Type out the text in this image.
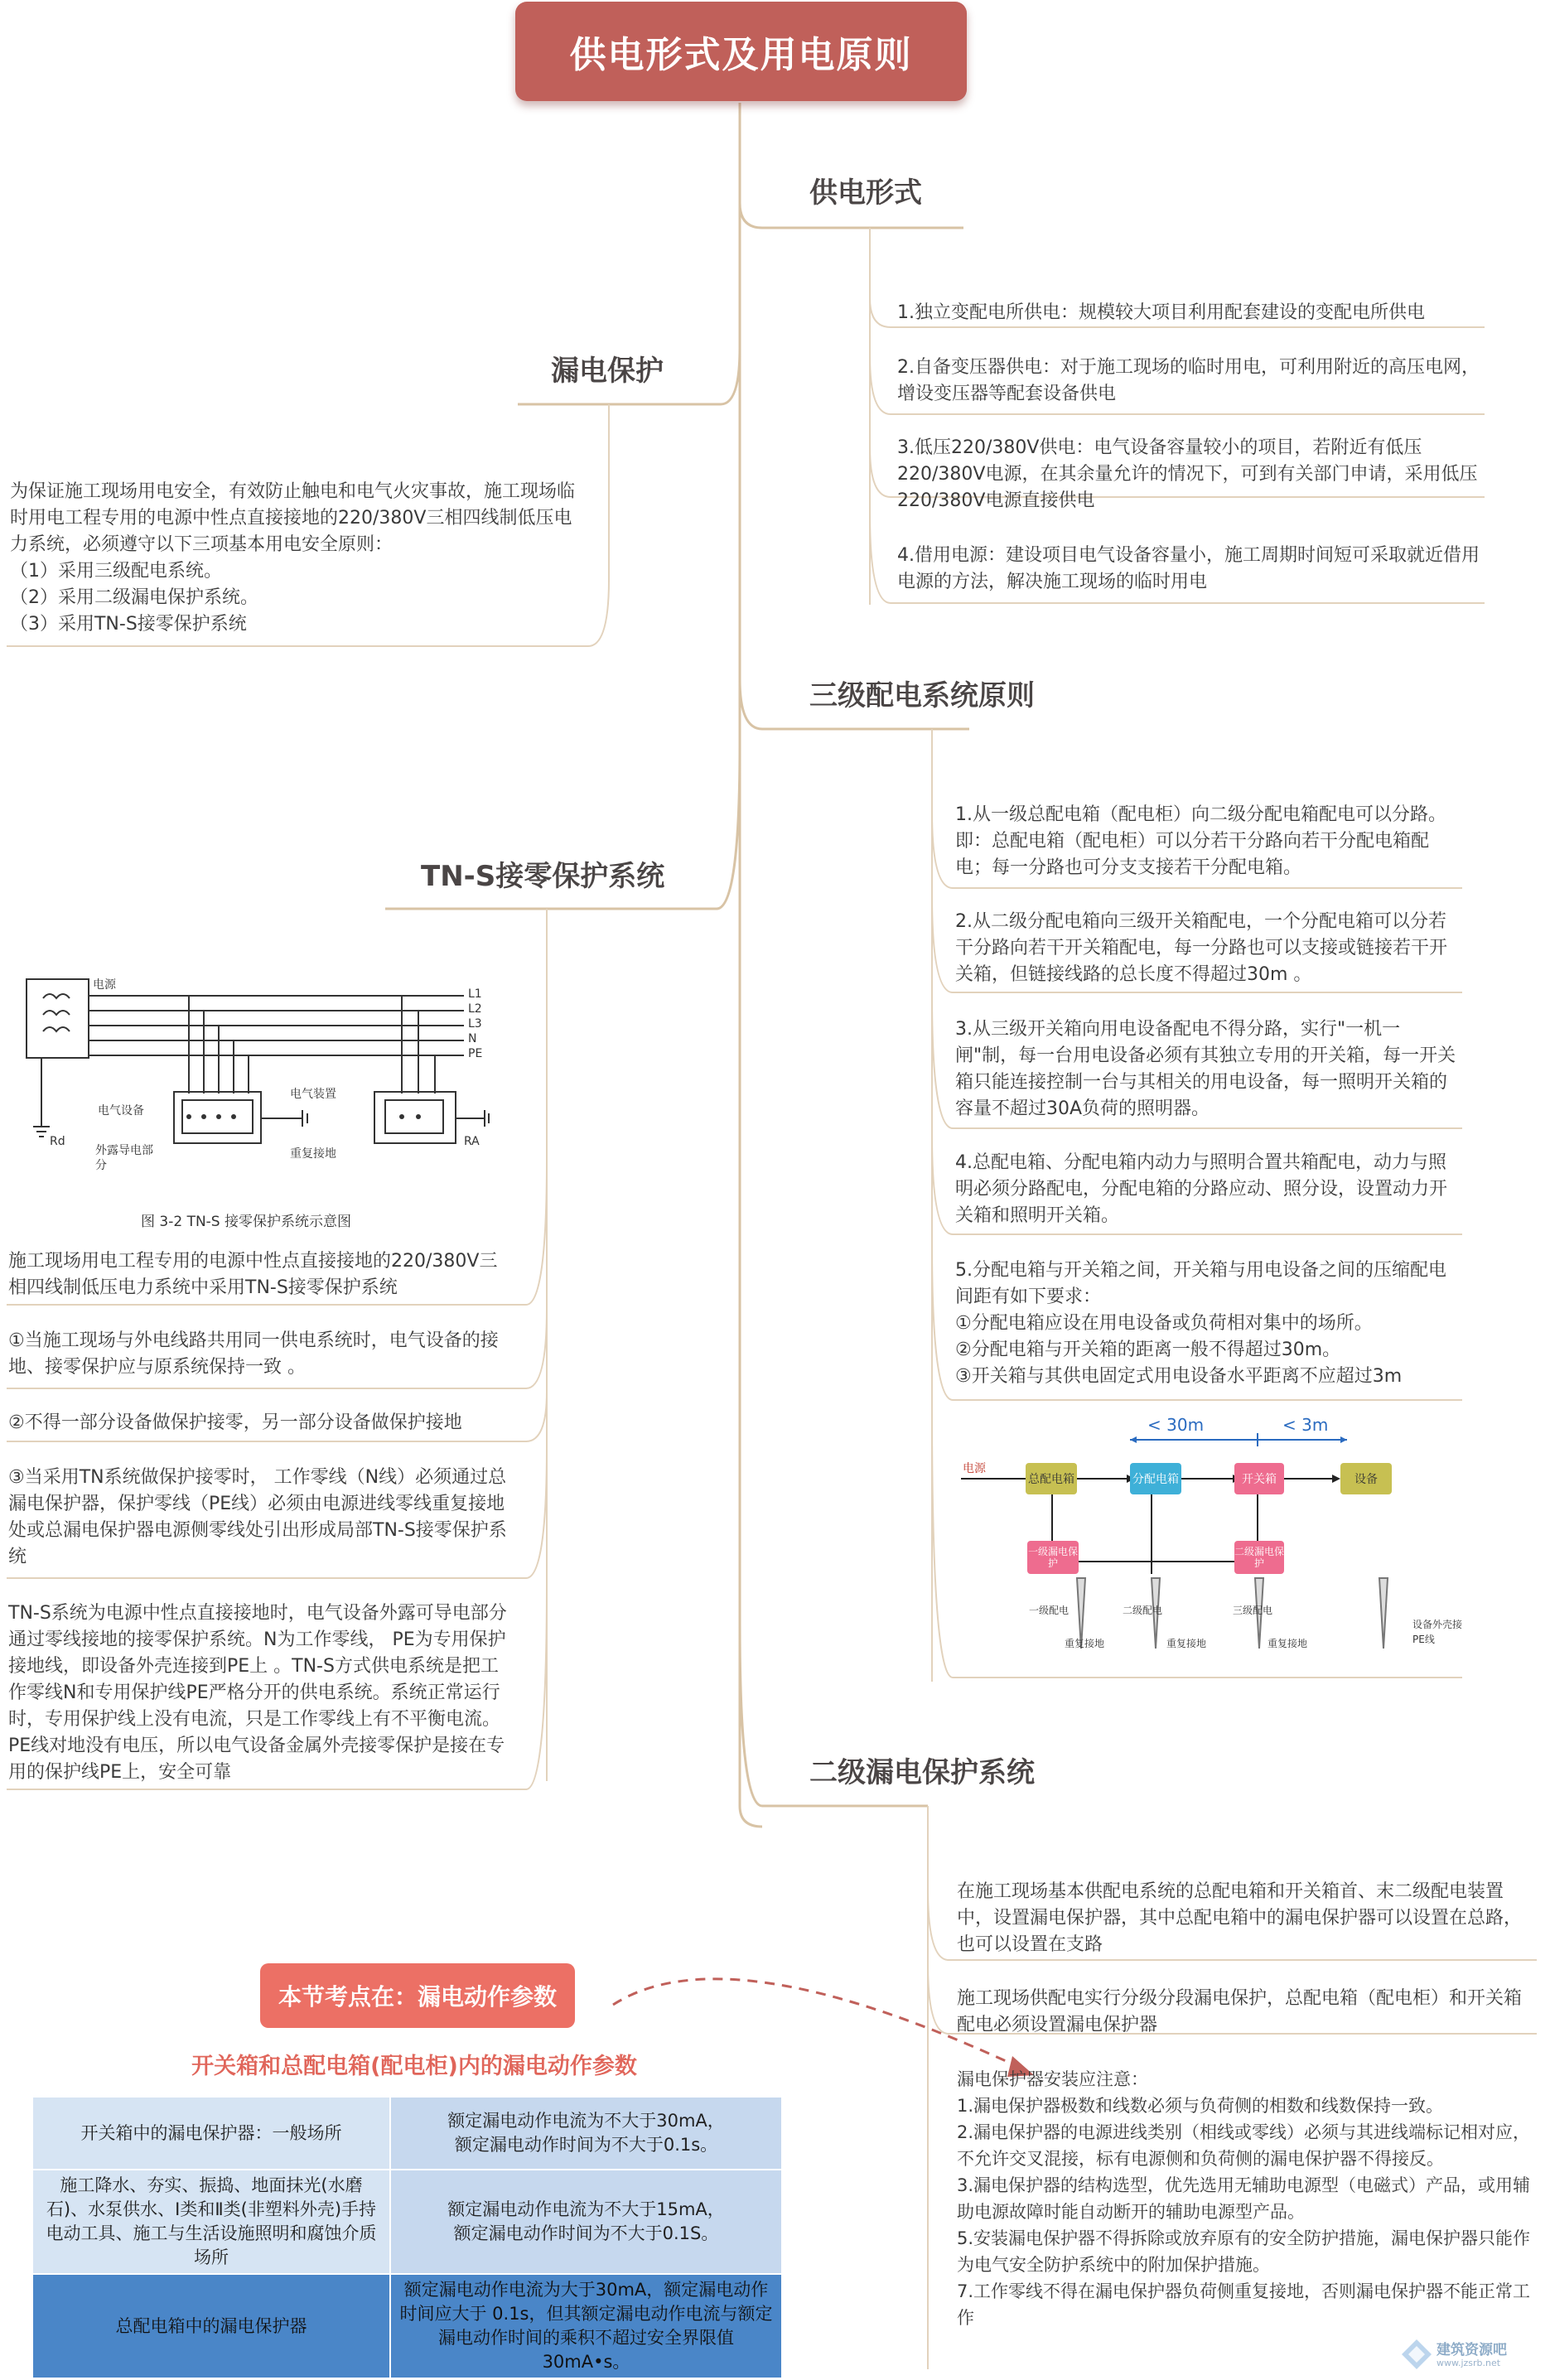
供电形式及用电原则
供电形式
1.独立变配电所供电：规模较大项目利用配套建设的变配电所供电
2.自备变压器供电：对于施工现场的临时用电，可利用附近的高压电网，增设变压器等配套设备供电
3.低压220/380V供电：电气设备容量较小的项目，若附近有低压220/380V电源，在其余量允许的情况下，可到有关部门申请，采用低压220/380V电源直接供电
4.借用电源：建设项目电气设备容量小，施工周期时间短可采取就近借用电源的方法，解决施工现场的临时用电
漏电保护
为保证施工现场用电安全，有效防止触电和电气火灾事故，施工现场临时用电工程专用的电源中性点直接接地的220/380V三相四线制低压电力系统，必须遵守以下三项基本用电安全原则：
（1）采用三级配电系统。
（2）采用二级漏电保护系统。
（3）采用TN-S接零保护系统
三级配电系统原则
1.从一级总配电箱（配电柜）向二级分配电箱配电可以分路。即：总配电箱（配电柜）可以分若干分路向若干分配电箱配电；每一分路也可分支支接若干分配电箱。
2.从二级分配电箱向三级开关箱配电，一个分配电箱可以分若干分路向若干开关箱配电，每一分路也可以支接或链接若干开关箱，但链接线路的总长度不得超过30m 。
3.从三级开关箱向用电设备配电不得分路，实行"一机一闸"制，每一台用电设备必须有其独立专用的开关箱，每一开关箱只能连接控制一台与其相关的用电设备，每一照明开关箱的容量不超过30A负荷的照明器。
4.总配电箱、分配电箱内动力与照明合置共箱配电，动力与照明必须分路配电，分配电箱的分路应动、照分设，设置动力开关箱和照明开关箱。
5.分配电箱与开关箱之间，开关箱与用电设备之间的压缩配电间距有如下要求：
①分配电箱应设在用电设备或负荷相对集中的场所。
②分配电箱与开关箱的距离一般不得超过30m。
③开关箱与其供电固定式用电设备水平距离不应超过3m
< 30m	< 3m
电源
总配电箱	分配电箱	开关箱	设备
一级漏电保护
二级漏电保护
一级配电	二级配电	三级配电
重复接地	重复接地	重复接地
设备外壳接PE线
TN-S接零保护系统
电源
L1
L2
L3
N
PE
电气设备
外露导电部分
电气装置
重复接地
Rd	RA
图 3-2 TN-S 接零保护系统示意图
施工现场用电工程专用的电源中性点直接接地的220/380V三相四线制低压电力系统中采用TN-S接零保护系统
①当施工现场与外电线路共用同一供电系统时，电气设备的接地、接零保护应与原系统保持一致 。
②不得一部分设备做保护接零，另一部分设备做保护接地
③当采用TN系统做保护接零时， 工作零线（N线）必须通过总漏电保护器，保护零线（PE线）必须由电源进线零线重复接地处或总漏电保护器电源侧零线处引出形成局部TN-S接零保护系统
TN-S系统为电源中性点直接接地时，电气设备外露可导电部分通过零线接地的接零保护系统。N为工作零线， PE为专用保护接地线，即设备外壳连接到PE上 。TN-S方式供电系统是把工作零线N和专用保护线PE严格分开的供电系统。系统正常运行时，专用保护线上没有电流，只是工作零线上有不平衡电流。PE线对地没有电压，所以电气设备金属外壳接零保护是接在专用的保护线PE上，安全可靠	二级漏电保护系统
在施工现场基本供配电系统的总配电箱和开关箱首、末二级配电装置中，设置漏电保护器，其中总配电箱中的漏电保护器可以设置在总路，也可以设置在支路
施工现场供配电实行分级分段漏电保护，总配电箱（配电柜）和开关箱配电必须设置漏电保护器
漏电保护器安装应注意：
1.漏电保护器极数和线数必须与负荷侧的相数和线数保持一致。
2.漏电保护器的电源进线类别（相线或零线）必须与其进线端标记相对应，不允许交叉混接，标有电源侧和负荷侧的漏电保护器不得接反。
3.漏电保护器的结构选型，优先选用无辅助电源型（电磁式）产品，或用辅助电源故障时能自动断开的辅助电源型产品。
5.安装漏电保护器不得拆除或放弃原有的安全防护措施，漏电保护器只能作为电气安全防护系统中的附加保护措施。
7.工作零线不得在漏电保护器负荷侧重复接地，否则漏电保护器不能正常工作
本节考点在：漏电动作参数
开关箱和总配电箱(配电柜)内的漏电动作参数
开关箱中的漏电保护器：一般场所	额定漏电动作电流为不大于30mA，
额定漏电动作时间为不大于0.1s。
施工降水、夯实、振捣、地面抹光(水磨石)、水泵供水、I类和Ⅱ类(非塑料外壳)手持电动工具、施工与生活设施照明和腐蚀介质场所	额定漏电动作电流为不大于15mA，
额定漏电动作时间为不大于0.1S。
总配电箱中的漏电保护器	额定漏电动作电流为大于30mA，额定漏电动作时间应大于 0.1s，但其额定漏电动作电流与额定漏电动作时间的乘积不超过安全界限值30mA•s。
建筑资源吧
www.jzsrb.net
